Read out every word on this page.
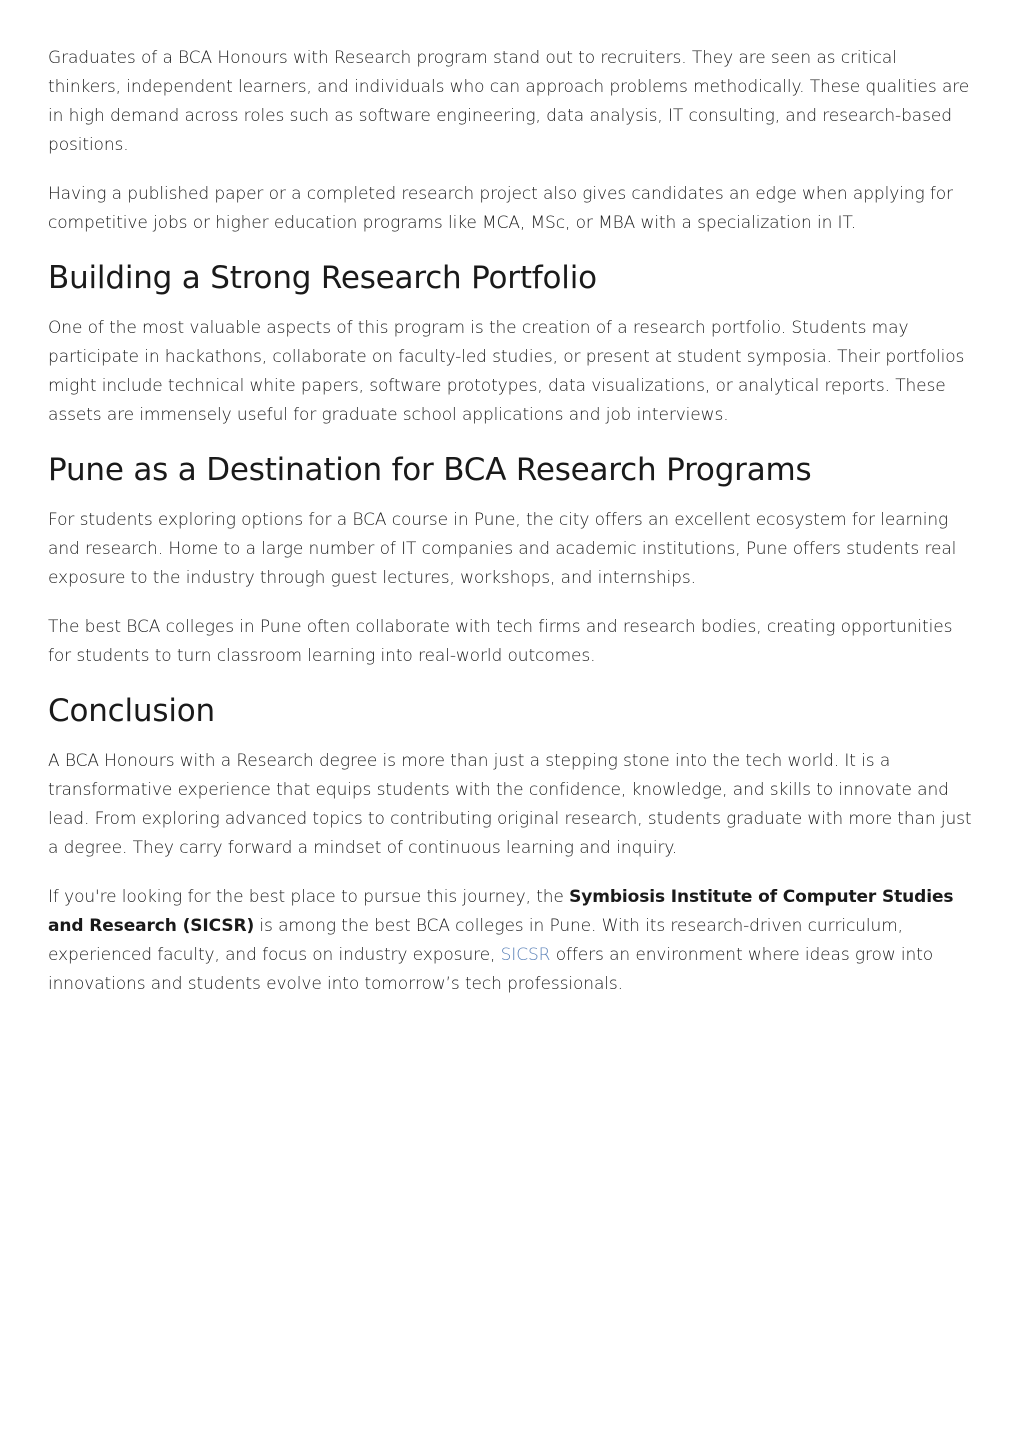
Graduates of a BCA Honours with Research program stand out to recruiters. They are seen as critical thinkers, independent learners, and individuals who can approach problems methodically. These qualities are in high demand across roles such as software engineering, data analysis, IT consulting, and research-based positions.

Having a published paper or a completed research project also gives candidates an edge when applying for competitive jobs or higher education programs like MCA, MSc, or MBA with a specialization in IT.

Building a Strong Research Portfolio

One of the most valuable aspects of this program is the creation of a research portfolio. Students may participate in hackathons, collaborate on faculty-led studies, or present at student symposia. Their portfolios might include technical white papers, software prototypes, data visualizations, or analytical reports. These assets are immensely useful for graduate school applications and job interviews.

Pune as a Destination for BCA Research Programs

For students exploring options for a BCA course in Pune, the city offers an excellent ecosystem for learning and research. Home to a large number of IT companies and academic institutions, Pune offers students real exposure to the industry through guest lectures, workshops, and internships.

The best BCA colleges in Pune often collaborate with tech firms and research bodies, creating opportunities for students to turn classroom learning into real-world outcomes.

Conclusion

A BCA Honours with a Research degree is more than just a stepping stone into the tech world. It is a transformative experience that equips students with the confidence, knowledge, and skills to innovate and lead. From exploring advanced topics to contributing original research, students graduate with more than just a degree. They carry forward a mindset of continuous learning and inquiry.

If you're looking for the best place to pursue this journey, the Symbiosis Institute of Computer Studies and Research (SICSR) is among the best BCA colleges in Pune. With its research-driven curriculum, experienced faculty, and focus on industry exposure, SICSR offers an environment where ideas grow into innovations and students evolve into tomorrow’s tech professionals.
